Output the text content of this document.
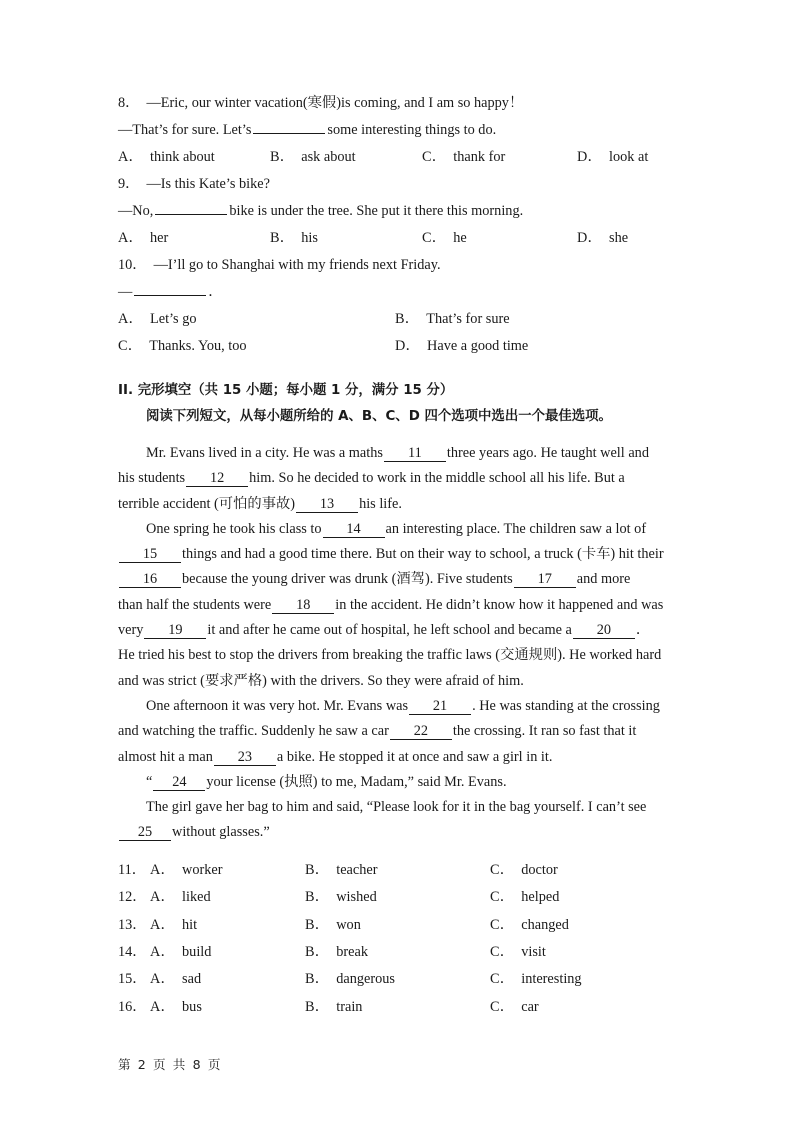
8． —Eric, our winter vacation(寒假)is coming, and I am so happy！
—That’s for sure. Let’s	some interesting things to do.
A． think about	B． ask about	C． thank for	D． look at
9． —Is this Kate’s bike?
—No,	bike is under the tree. She put it there this morning.
A． her	B． his	C． he	D． she
10． —I’ll go to Shanghai with my friends next Friday.
—	．
A． Let’s go	B． That’s for sure
C． Thanks. You, too	D． Have a good time
II. 完形填空（共 15 小题；每小题 1 分，满分 15 分）
阅读下列短文，从每小题所给的 A、B、C、D 四个选项中选出一个最佳选项。
Mr. Evans lived in a city. He was a maths 11 three years ago. He taught well and
his students 12 him. So he decided to work in the middle school all his life. But a
terrible accident (可怕的事故) 13 his life.
One spring he took his class to 14 an interesting place. The children saw a lot of
15 things and had a good time there. But on their way to school, a truck (卡车) hit their
16 because the young driver was drunk (酒驾). Five students 17 and more
than half the students were 18 in the accident. He didn’t know how it happened and was
very 19 it and after he came out of hospital, he left school and became a 20 ．
He tried his best to stop the drivers from breaking the traffic laws (交通规则). He worked hard
and was strict (要求严格) with the drivers. So they were afraid of him.
One afternoon it was very hot. Mr. Evans was 21 . He was standing at the crossing
and watching the traffic. Suddenly he saw a car 22 the crossing. It ran so fast that it
almost hit a man 23 a bike. He stopped it at once and saw a girl in it.
“ 24 your license (执照) to me, Madam,” said Mr. Evans.
The girl gave her bag to him and said, “Please look for it in the bag yourself. I can’t see
25 without glasses.”
11． A． worker	B． teacher	C． doctor
12． A． liked	B． wished	C． helped
13． A． hit	B． won	C． changed
14． A． build	B． break	C． visit
15． A． sad	B． dangerous	C． interesting
16． A． bus	B． train	C． car
第 2 页 共 8 页
